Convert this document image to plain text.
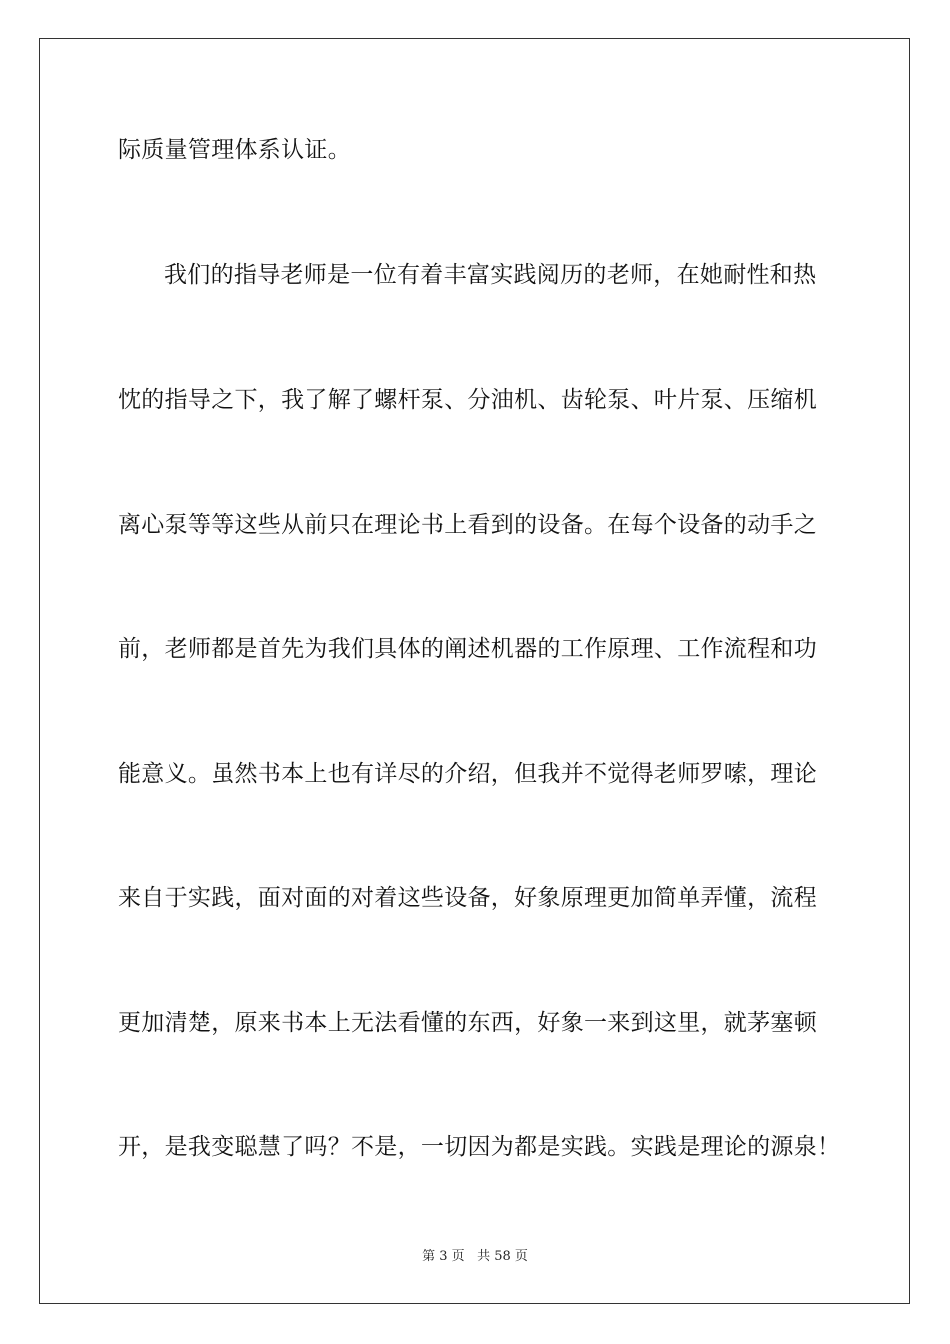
际质量管理体系认证。
我们的指导老师是一位有着丰富实践阅历的老师，在她耐性和热
忱的指导之下，我了解了螺杆泵、分油机、齿轮泵、叶片泵、压缩机
离心泵等等这些从前只在理论书上看到的设备。在每个设备的动手之
前，老师都是首先为我们具体的阐述机器的工作原理、工作流程和功
能意义。虽然书本上也有详尽的介绍，但我并不觉得老师罗嗦，理论
来自于实践，面对面的对着这些设备，好象原理更加简单弄懂，流程
更加清楚，原来书本上无法看懂的东西，好象一来到这里，就茅塞顿
开，是我变聪慧了吗？不是，一切因为都是实践。实践是理论的源泉！
第 3 页 共 58 页
